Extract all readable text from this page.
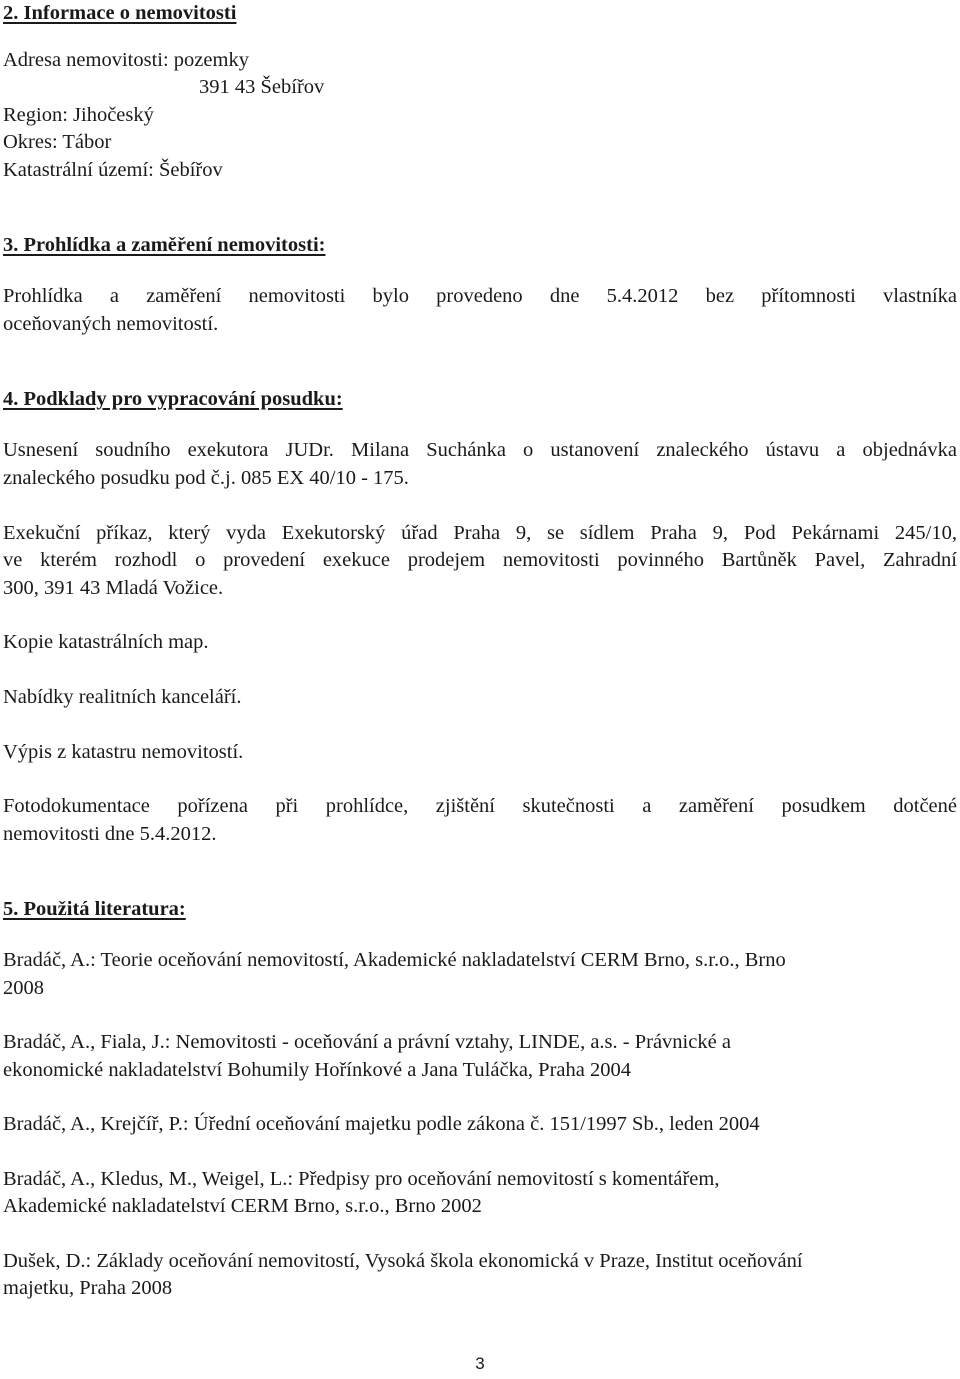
2. Informace o nemovitosti
Adresa nemovitosti: pozemky
391 43 Šebířov
Region: Jihočeský
Okres: Tábor
Katastrální území: Šebířov
3. Prohlídka a zaměření nemovitosti:
Prohlídka a zaměření nemovitosti bylo provedeno dne 5.4.2012 bez přítomnosti vlastníka
oceňovaných nemovitostí.
4. Podklady pro vypracování posudku:
Usnesení soudního exekutora JUDr. Milana Suchánka o ustanovení znaleckého ústavu a objednávka
znaleckého posudku pod č.j. 085 EX 40/10 - 175.
Exekuční příkaz, který vyda Exekutorský úřad Praha 9, se sídlem Praha 9, Pod Pekárnami 245/10,
ve kterém rozhodl o provedení exekuce prodejem nemovitosti povinného Bartůněk Pavel, Zahradní
300, 391 43 Mladá Vožice.
Kopie katastrálních map.
Nabídky realitních kanceláří.
Výpis z katastru nemovitostí.
Fotodokumentace pořízena při prohlídce, zjištění skutečnosti a zaměření posudkem dotčené
nemovitosti dne 5.4.2012.
5. Použitá literatura:
Bradáč, A.: Teorie oceňování nemovitostí, Akademické nakladatelství CERM Brno, s.r.o., Brno
2008
Bradáč, A., Fiala, J.: Nemovitosti - oceňování a právní vztahy, LINDE, a.s. - Právnické a
ekonomické nakladatelství Bohumily Hořínkové a Jana Tuláčka, Praha 2004
Bradáč, A., Krejčíř, P.: Úřední oceňování majetku podle zákona č. 151/1997 Sb., leden 2004
Bradáč, A., Kledus, M., Weigel, L.: Předpisy pro oceňování nemovitostí s komentářem,
Akademické nakladatelství CERM Brno, s.r.o., Brno 2002
Dušek, D.: Základy oceňování nemovitostí, Vysoká škola ekonomická v Praze, Institut oceňování
majetku, Praha 2008
3
